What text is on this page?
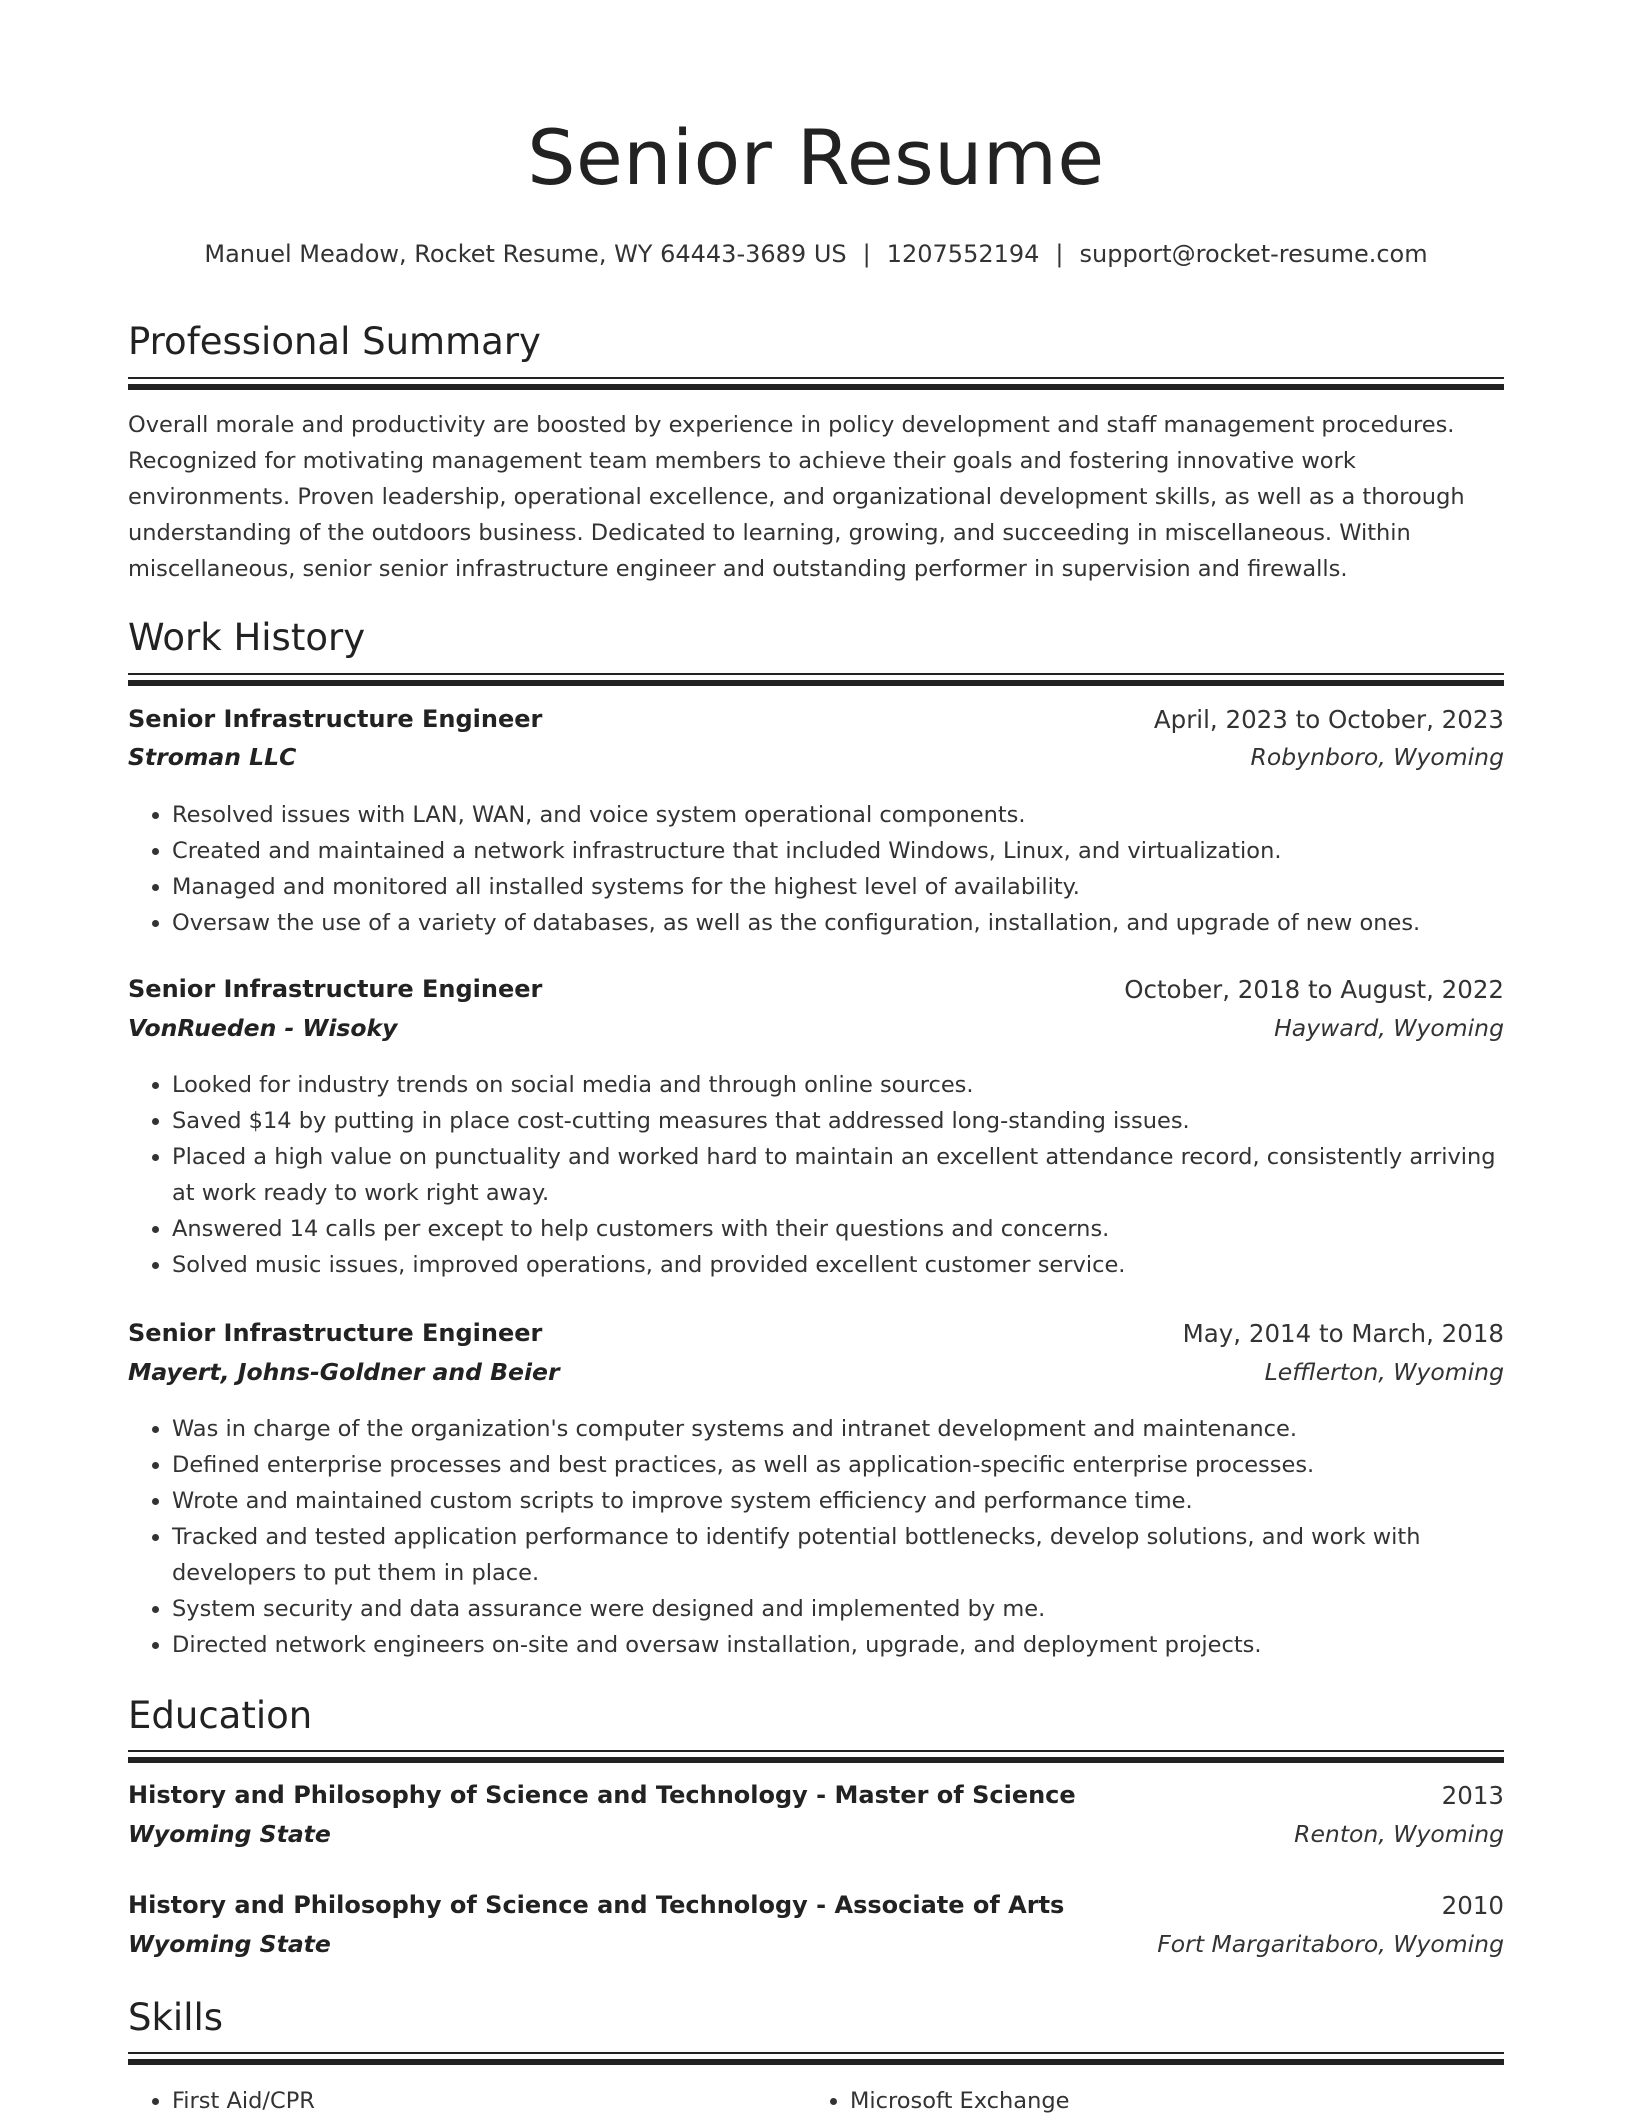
Senior Resume
Manuel Meadow, Rocket Resume, WY 64443-3689 US | 1207552194 | support@rocket-resume.com
Professional Summary
Overall morale and productivity are boosted by experience in policy development and staff management procedures.
Recognized for motivating management team members to achieve their goals and fostering innovative work
environments. Proven leadership, operational excellence, and organizational development skills, as well as a thorough
understanding of the outdoors business. Dedicated to learning, growing, and succeeding in miscellaneous. Within
miscellaneous, senior senior infrastructure engineer and outstanding performer in supervision and firewalls.
Work History
Senior Infrastructure Engineer	April, 2023 to October, 2023
Stroman LLC	Robynboro, Wyoming
• Resolved issues with LAN, WAN, and voice system operational components.
• Created and maintained a network infrastructure that included Windows, Linux, and virtualization.
• Managed and monitored all installed systems for the highest level of availability.
• Oversaw the use of a variety of databases, as well as the configuration, installation, and upgrade of new ones.
Senior Infrastructure Engineer	October, 2018 to August, 2022
VonRueden - Wisoky	Hayward, Wyoming
• Looked for industry trends on social media and through online sources.
• Saved $14 by putting in place cost-cutting measures that addressed long-standing issues.
• Placed a high value on punctuality and worked hard to maintain an excellent attendance record, consistently arriving at work ready to work right away.
• Answered 14 calls per except to help customers with their questions and concerns.
• Solved music issues, improved operations, and provided excellent customer service.
Senior Infrastructure Engineer	May, 2014 to March, 2018
Mayert, Johns-Goldner and Beier	Lefflerton, Wyoming
• Was in charge of the organization's computer systems and intranet development and maintenance.
• Defined enterprise processes and best practices, as well as application-specific enterprise processes.
• Wrote and maintained custom scripts to improve system efficiency and performance time.
• Tracked and tested application performance to identify potential bottlenecks, develop solutions, and work with developers to put them in place.
• System security and data assurance were designed and implemented by me.
• Directed network engineers on-site and oversaw installation, upgrade, and deployment projects.
Education
History and Philosophy of Science and Technology - Master of Science	2013
Wyoming State	Renton, Wyoming
History and Philosophy of Science and Technology - Associate of Arts	2010
Wyoming State	Fort Margaritaboro, Wyoming
Skills
• First Aid/CPR
•	Microsoft Exchange
